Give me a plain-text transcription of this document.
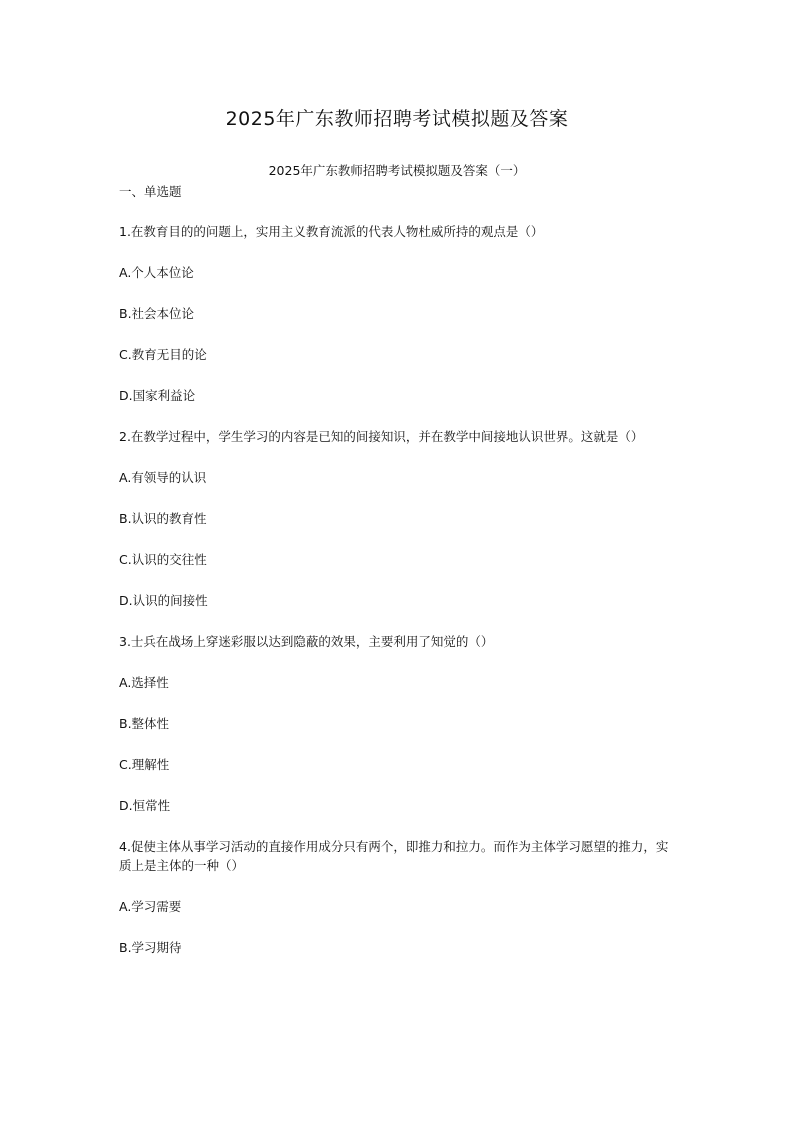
2025年广东教师招聘考试模拟题及答案
2025年广东教师招聘考试模拟题及答案（一）
一、单选题

1.在教育目的的问题上，实用主义教育流派的代表人物杜威所持的观点是（）

A.个人本位论

B.社会本位论

C.教育无目的论

D.国家利益论

2.在教学过程中，学生学习的内容是已知的间接知识，并在教学中间接地认识世界。这就是（）

A.有领导的认识

B.认识的教育性

C.认识的交往性

D.认识的间接性

3.士兵在战场上穿迷彩服以达到隐蔽的效果，主要利用了知觉的（）

A.选择性

B.整体性

C.理解性

D.恒常性

4.促使主体从事学习活动的直接作用成分只有两个，即推力和拉力。而作为主体学习愿望的推力，实质上是主体的一种（）

A.学习需要

B.学习期待
